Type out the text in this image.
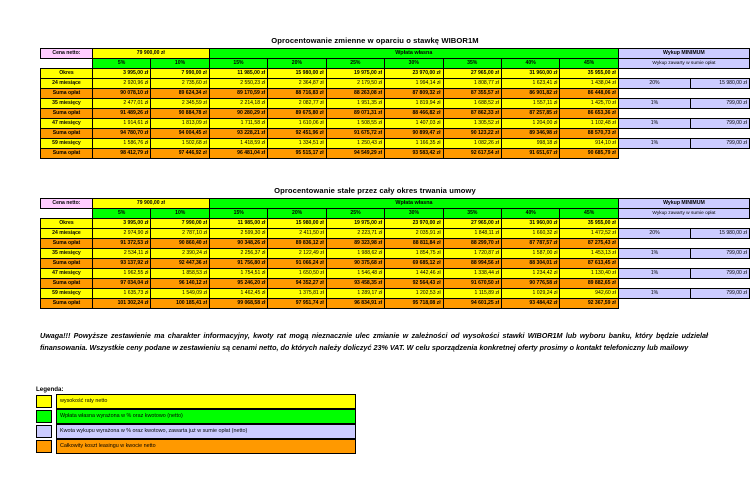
Oprocentowanie zmienne w oparciu o stawkę WIBOR1M
Cena netto:	79 900,00 zł		Wpłata własna							Wykup MINIMUM	
	5%	10%	15%	20%	25%	30%	35%	40%	45%	Wykup zawarty w sumie opłat	
Okres	3 995,00 zł	7 990,00 zł	11 985,00 zł	15 980,00 zł	19 975,00 zł	23 970,00 zł	27 965,00 zł	31 960,00 zł	35 955,00 zł		
24 miesiące	2 920,96 zł	2 735,60 zł	2 550,23 zł	2 364,87 zł	2 179,50 zł	1 994,14 zł	1 808,77 zł	1 623,41 zł	1 438,04 zł	20%	15 980,00 zł
Suma opłat	90 078,10 zł	89 624,34 zł	89 170,59 zł	88 716,83 zł	88 263,08 zł	87 809,32 zł	87 355,57 zł	86 901,82 zł	86 448,06 zł		
35 miesięcy	2 477,01 zł	2 345,59 zł	2 214,18 zł	2 082,77 zł	1 951,35 zł	1 819,94 zł	1 688,52 zł	1 557,11 zł	1 425,70 zł	1%	799,00 zł
Suma opłat	91 489,26 zł	90 884,78 zł	90 280,29 zł	89 675,80 zł	89 071,31 zł	88 466,82 zł	87 862,33 zł	87 257,85 zł	86 653,36 zł		
47 miesięcy	1 914,61 zł	1 813,09 zł	1 711,58 zł	1 610,06 zł	1 508,55 zł	1 407,03 zł	1 305,52 zł	1 204,00 zł	1 102,48 zł	1%	799,00 zł
Suma opłat	94 780,70 zł	94 004,45 zł	93 228,21 zł	92 451,96 zł	91 675,72 zł	90 899,47 zł	90 123,22 zł	89 346,98 zł	88 570,73 zł		
59 miesięcy	1 586,76 zł	1 502,68 zł	1 418,59 zł	1 334,51 zł	1 250,43 zł	1 166,35 zł	1 082,26 zł	998,18 zł	914,10 zł	1%	799,00 zł
Suma opłat	98 412,79 zł	97 446,92 zł	96 481,04 zł	95 515,17 zł	94 549,29 zł	93 583,42 zł	92 617,54 zł	91 651,67 zł	90 685,79 zł		
Oprocentowanie stałe przez cały okres trwania umowy
Cena netto:	79 900,00 zł		Wpłata własna							Wykup MINIMUM	
	5%	10%	15%	20%	25%	30%	35%	40%	45%	Wykup zawarty w sumie opłat	
Okres	3 995,00 zł	7 990,00 zł	11 985,00 zł	15 980,00 zł	19 975,00 zł	23 970,00 zł	27 965,00 zł	31 960,00 zł	35 955,00 zł		
24 miesiące	2 974,90 zł	2 787,10 zł	2 599,30 zł	2 411,50 zł	2 223,71 zł	2 035,91 zł	1 848,11 zł	1 660,32 zł	1 472,52 zł	20%	15 980,00 zł
Suma opłat	91 372,53 zł	90 860,40 zł	90 348,26 zł	89 836,12 zł	89 323,98 zł	88 811,84 zł	88 299,70 zł	87 787,57 zł	87 275,43 zł		
35 miesięcy	2 534,11 zł	2 390,24 zł	2 256,37 zł	2 122,49 zł	1 988,62 zł	1 854,75 zł	1 720,87 zł	1 587,00 zł	1 453,13 zł	1%	799,00 zł
Suma opłat	93 137,92 zł	92 447,36 zł	91 756,80 zł	91 066,24 zł	90 375,68 zł	69 685,12 zł	88 994,56 zł	88 304,01 zł	87 613,45 zł		
47 miesięcy	1 962,55 zł	1 858,53 zł	1 754,51 zł	1 650,50 zł	1 546,48 zł	1 442,46 zł	1 338,44 zł	1 234,42 zł	1 130,40 zł	1%	799,00 zł
Suma opłat	97 034,04 zł	96 140,12 zł	95 246,20 zł	94 352,27 zł	93 458,35 zł	92 564,43 zł	91 670,50 zł	90 776,58 zł	89 882,65 zł		
59 miesięcy	1 635,73 zł	1 549,09 zł	1 462,45 zł	1 375,81 zł	1 289,17 zł	1 202,53 zł	1 115,89 zł	1 029,24 zł	942,60 zł	1%	799,00 zł
Suma opłat	101 302,24 zł	100 185,41 zł	99 068,58 zł	97 951,74 zł	96 834,91 zł	95 718,08 zł	94 601,25 zł	93 484,42 zł	92 367,59 zł		
Uwaga!!! Powyższe zestawienie ma charakter informacyjny, kwoty rat mogą nieznacznie ulec zmianie w zależności od wysokości stawki WIBOR1M lub wyboru banku, który będzie udzielał finansowania. Wszystkie ceny podane w zestawieniu są cenami netto, do których należy doliczyć 23% VAT. W celu sporządzenia konkretnej oferty prosimy o kontakt telefoniczny lub mailowy
Legenda:
wysokość raty netto
Wpłata własna wyrażona w % oraz kwotowo (netto)
Kwota wykupu wyrażona w % oraz kwotowo, zawarta już w sumie opłat (netto)
Całkowity koszt leasingu w kwocie netto
